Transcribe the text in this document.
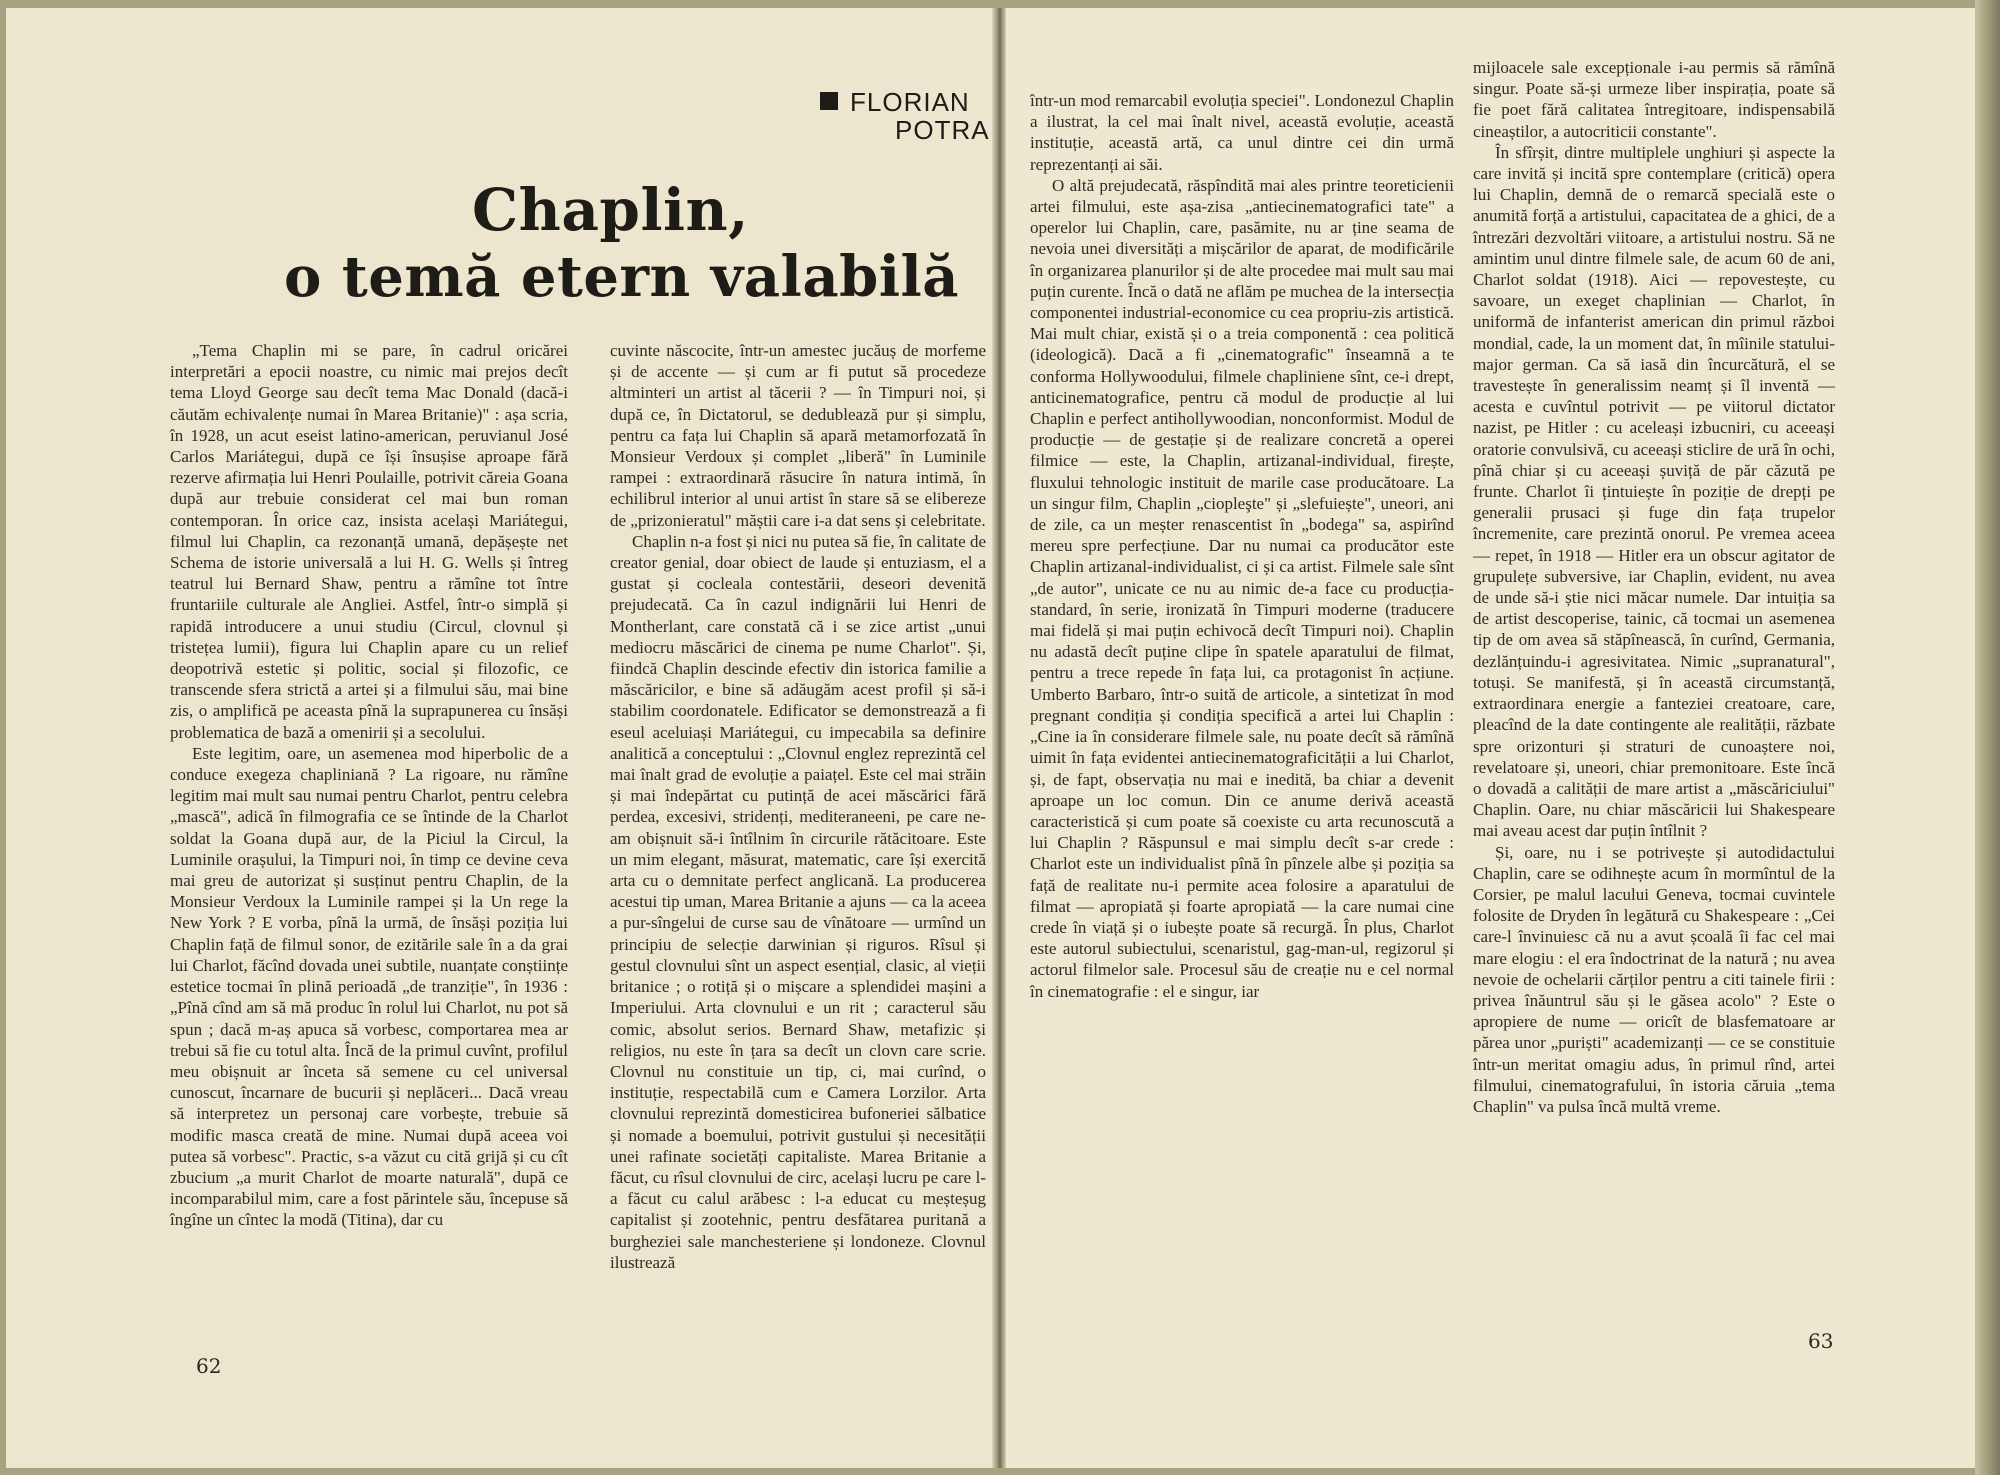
FLORIAN
POTRA
Chaplin,
o temă etern valabilă

„Tema Chaplin mi se pare, în cadrul oricărei interpretări a epocii noastre, cu nimic mai prejos decît tema Lloyd George sau decît tema Mac Donald (dacă-i căutăm echivalențe numai în Marea Britanie)" : așa scria, în 1928, un acut eseist latino-american, peruvianul José Carlos Mariátegui, după ce își însușise aproape fără rezerve afirmația lui Henri Poulaille, potrivit căreia Goana după aur trebuie considerat cel mai bun roman contemporan. În orice caz, insista același Mariátegui, filmul lui Chaplin, ca rezonanță umană, depășește net Schema de istorie universală a lui H. G. Wells și întreg teatrul lui Bernard Shaw, pentru a rămîne tot între fruntariile culturale ale Angliei. Astfel, într-o simplă și rapidă introducere a unui studiu (Circul, clovnul și tristețea lumii), figura lui Chaplin apare cu un relief deopotrivă estetic și politic, social și filozofic, ce transcende sfera strictă a artei și a filmului său, mai bine zis, o amplifică pe aceasta pînă la suprapunerea cu însăși problematica de bază a omenirii și a secolului.

Este legitim, oare, un asemenea mod hiperbolic de a conduce exegeza chapliniană ? La rigoare, nu rămîne legitim mai mult sau numai pentru Charlot, pentru celebra „mască", adică în filmografia ce se întinde de la Charlot soldat la Goana după aur, de la Piciul la Circul, la Luminile orașului, la Timpuri noi, în timp ce devine ceva mai greu de autorizat și susținut pentru Chaplin, de la Monsieur Verdoux la Luminile rampei și la Un rege la New York ? E vorba, pînă la urmă, de însăși poziția lui Chaplin față de filmul sonor, de ezitările sale în a da grai lui Charlot, făcînd dovada unei subtile, nuanțate conștiințe estetice tocmai în plină perioadă „de tranziție", în 1936 : „Pînă cînd am să mă produc în rolul lui Charlot, nu pot să spun ; dacă m-aș apuca să vorbesc, comportarea mea ar trebui să fie cu totul alta. Încă de la primul cuvînt, profilul meu obișnuit ar înceta să semene cu cel universal cunoscut, încarnare de bucurii și neplăceri... Dacă vreau să interpretez un personaj care vorbește, trebuie să modific masca creată de mine. Numai după aceea voi putea să vorbesc". Practic, s-a văzut cu cită grijă și cu cît zbucium „a murit Charlot de moarte naturală", după ce incomparabilul mim, care a fost părintele său, începuse să îngîne un cîntec la modă (Titina), dar cu

cuvinte născocite, într-un amestec jucăuș de morfeme și de accente — și cum ar fi putut să procedeze altminteri un artist al tăcerii ? — în Timpuri noi, și după ce, în Dictatorul, se dedublează pur și simplu, pentru ca fața lui Chaplin să apară metamorfozată în Monsieur Verdoux și complet „liberă" în Luminile rampei : extraordinară răsucire în natura intimă, în echilibrul interior al unui artist în stare să se elibereze de „prizonieratul" măștii care i-a dat sens și celebritate.

Chaplin n-a fost și nici nu putea să fie, în calitate de creator genial, doar obiect de laude și entuziasm, el a gustat și cocleala contestării, deseori devenită prejudecată. Ca în cazul indignării lui Henri de Montherlant, care constată că i se zice artist „unui mediocru măscărici de cinema pe nume Charlot". Și, fiindcă Chaplin descinde efectiv din istorica familie a măscăricilor, e bine să adăugăm acest profil și să-i stabilim coordonatele. Edificator se demonstrează a fi eseul aceluiași Mariátegui, cu impecabila sa definire analitică a conceptului : „Clovnul englez reprezintă cel mai înalt grad de evoluție a paiațel. Este cel mai străin și mai îndepărtat cu putință de acei măscărici fără perdea, excesivi, stridenți, mediteraneeni, pe care ne-am obișnuit să-i întîlnim în circurile rătăcitoare. Este un mim elegant, măsurat, matematic, care își exercită arta cu o demnitate perfect anglicană. La producerea acestui tip uman, Marea Britanie a ajuns — ca la aceea a pur-sîngelui de curse sau de vînătoare — urmînd un principiu de selecție darwinian și riguros. Rîsul și gestul clovnului sînt un aspect esențial, clasic, al vieții britanice ; o rotiță și o mișcare a splendidei mașini a Imperiului. Arta clovnului e un rit ; caracterul său comic, absolut serios. Bernard Shaw, metafizic și religios, nu este în țara sa decît un clovn care scrie. Clovnul nu constituie un tip, ci, mai curînd, o instituție, respectabilă cum e Camera Lorzilor. Arta clovnului reprezintă domesticirea bufoneriei sălbatice și nomade a boemului, potrivit gustului și necesității unei rafinate societăți capitaliste. Marea Britanie a făcut, cu rîsul clovnului de circ, același lucru pe care l-a făcut cu calul arăbesc : l-a educat cu meșteșug capitalist și zootehnic, pentru desfătarea puritană a burgheziei sale manchesteriene și londoneze. Clovnul ilustrează

într-un mod remarcabil evoluția speciei". Londonezul Chaplin a ilustrat, la cel mai înalt nivel, această evoluție, această instituție, această artă, ca unul dintre cei din urmă reprezentanți ai săi.

O altă prejudecată, răspîndită mai ales printre teoreticienii artei filmului, este așa-zisa „antiecinematografici tate" a operelor lui Chaplin, care, pasămite, nu ar ține seama de nevoia unei diversități a mișcărilor de aparat, de modificările în organizarea planurilor și de alte procedee mai mult sau mai puțin curente. Încă o dată ne aflăm pe muchea de la intersecția componentei industrial-economice cu cea propriu-zis artistică. Mai mult chiar, există și o a treia componentă : cea politică (ideologică). Dacă a fi „cinematografic" înseamnă a te conforma Hollywoodului, filmele chapliniene sînt, ce-i drept, anticinematografice, pentru că modul de producție al lui Chaplin e perfect antihollywoodian, nonconformist. Modul de producție — de gestație și de realizare concretă a operei filmice — este, la Chaplin, artizanal-individual, firește, fluxului tehnologic instituit de marile case producătoare. La un singur film, Chaplin „ciopleşte" și „slefuiește", uneori, ani de zile, ca un meșter renascentist în „bodega" sa, aspirînd mereu spre perfecțiune. Dar nu numai ca producător este Chaplin artizanal-individualist, ci și ca artist. Filmele sale sînt „de autor", unicate ce nu au nimic de-a face cu producția-standard, în serie, ironizată în Timpuri moderne (traducere mai fidelă și mai puțin echivocă decît Timpuri noi). Chaplin nu adastă decît puține clipe în spatele aparatului de filmat, pentru a trece repede în fața lui, ca protagonist în acțiune. Umberto Barbaro, într-o suită de articole, a sintetizat în mod pregnant condiția și condiția specifică a artei lui Chaplin : „Cine ia în considerare filmele sale, nu poate decît să rămînă uimit în fața evidentei antiecinematograficității a lui Charlot, și, de fapt, observația nu mai e inedită, ba chiar a devenit aproape un loc comun. Din ce anume derivă această caracteristică și cum poate să coexiste cu arta recunoscută a lui Chaplin ? Răspunsul e mai simplu decît s-ar crede : Charlot este un individualist pînă în pînzele albe și poziția sa față de realitate nu-i permite acea folosire a aparatului de filmat — apropiată și foarte apropiată — la care numai cine crede în viață și o iubește poate să recurgă. În plus, Charlot este autorul subiectului, scenaristul, gag-man-ul, regizorul și actorul filmelor sale. Procesul său de creație nu e cel normal în cinematografie : el e singur, iar

mijloacele sale excepționale i-au permis să rămînă singur. Poate să-și urmeze liber inspirația, poate să fie poet fără calitatea întregitoare, indispensabilă cineaștilor, a autocriticii constante".

În sfîrșit, dintre multiplele unghiuri și aspecte la care invită și incită spre contemplare (critică) opera lui Chaplin, demnă de o remarcă specială este o anumită forță a artistului, capacitatea de a ghici, de a întrezări dezvoltări viitoare, a artistului nostru. Să ne amintim unul dintre filmele sale, de acum 60 de ani, Charlot soldat (1918). Aici — repovestește, cu savoare, un exeget chaplinian — Charlot, în uniformă de infanterist american din primul război mondial, cade, la un moment dat, în mîinile statului-major german. Ca să iasă din încurcătură, el se travestește în generalissim neamț și îl inventă — acesta e cuvîntul potrivit — pe viitorul dictator nazist, pe Hitler : cu aceleași izbucniri, cu aceeași oratorie convulsivă, cu aceeași sticlire de ură în ochi, pînă chiar și cu aceeași șuviță de păr căzută pe frunte. Charlot îi țintuiește în poziție de drepți pe generalii prusaci și fuge din fața trupelor încremenite, care prezintă onorul. Pe vremea aceea — repet, în 1918 — Hitler era un obscur agitator de grupulețe subversive, iar Chaplin, evident, nu avea de unde să-i știe nici măcar numele. Dar intuiția sa de artist descoperise, tainic, că tocmai un asemenea tip de om avea să stăpînească, în curînd, Germania, dezlănțuindu-i agresivitatea. Nimic „supranatural", totuși. Se manifestă, și în această circumstanță, extraordinara energie a fanteziei creatoare, care, pleacînd de la date contingente ale realității, răzbate spre orizonturi și straturi de cunoaștere noi, revelatoare și, uneori, chiar premonitoare. Este încă o dovadă a calității de mare artist a „măscăriciului" Chaplin. Oare, nu chiar măscăricii lui Shakespeare mai aveau acest dar puțin întîlnit ?

Și, oare, nu i se potrivește și autodidactului Chaplin, care se odihnește acum în mormîntul de la Corsier, pe malul lacului Geneva, tocmai cuvintele folosite de Dryden în legătură cu Shakespeare : „Cei care-l învinuiesc că nu a avut școală îi fac cel mai mare elogiu : el era îndoctrinat de la natură ; nu avea nevoie de ochelarii cărților pentru a citi tainele firii : privea înăuntrul său și le găsea acolo" ? Este o apropiere de nume — oricît de blasfematoare ar părea unor „puriști" academizanți — ce se constituie într-un meritat omagiu adus, în primul rînd, artei filmului, cinematografului, în istoria căruia „tema Chaplin" va pulsa încă multă vreme.

62
63
